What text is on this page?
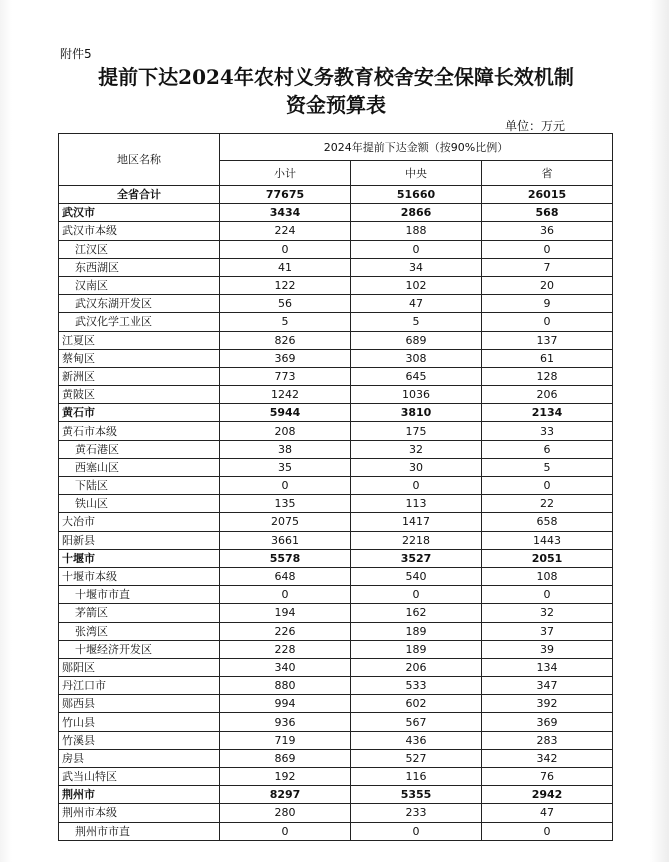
附件5
提前下达2024年农村义务教育校舍安全保障长效机制
资金预算表
单位：万元
地区名称	2024年提前下达金额（按90%比例）		
	小计	中央	省
全省合计	77675	51660	26015
武汉市	3434	2866	568
武汉市本级	224	188	36
江汉区	0	0	0
东西湖区	41	34	7
汉南区	122	102	20
武汉东湖开发区	56	47	9
武汉化学工业区	5	5	0
江夏区	826	689	137
蔡甸区	369	308	61
新洲区	773	645	128
黄陂区	1242	1036	206
黄石市	5944	3810	2134
黄石市本级	208	175	33
黄石港区	38	32	6
西塞山区	35	30	5
下陆区	0	0	0
铁山区	135	113	22
大冶市	2075	1417	658
阳新县	3661	2218	1443
十堰市	5578	3527	2051
十堰市本级	648	540	108
十堰市市直	0	0	0
茅箭区	194	162	32
张湾区	226	189	37
十堰经济开发区	228	189	39
郧阳区	340	206	134
丹江口市	880	533	347
郧西县	994	602	392
竹山县	936	567	369
竹溪县	719	436	283
房县	869	527	342
武当山特区	192	116	76
荆州市	8297	5355	2942
荆州市本级	280	233	47
荆州市市直	0	0	0
